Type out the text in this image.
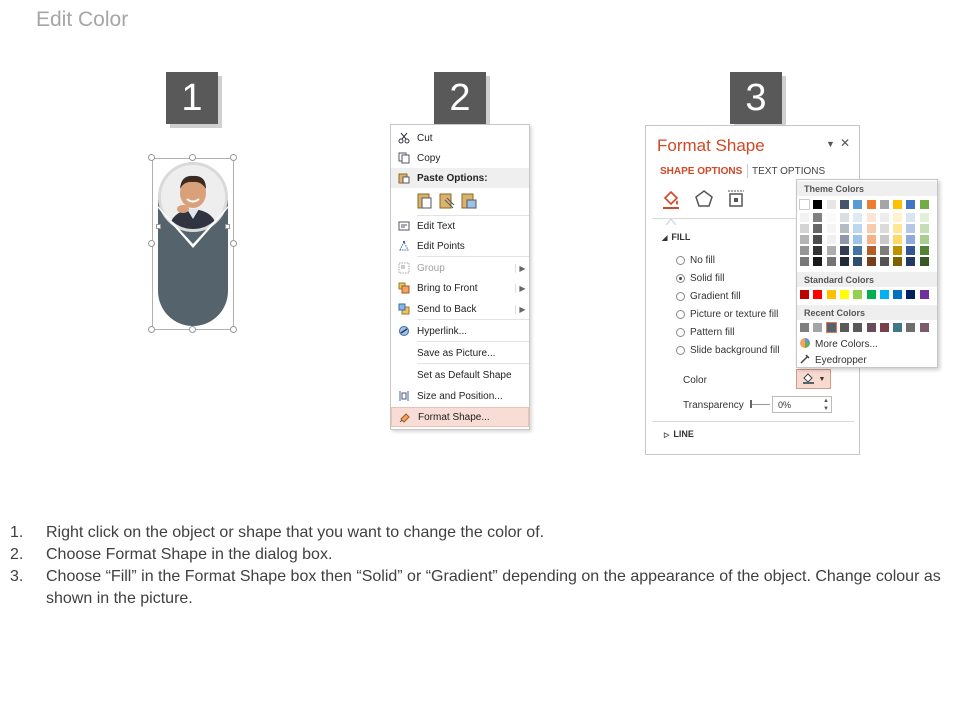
Edit Color
1	2	3
Cut
Copy
Paste Options:
Edit Text
Edit Points
Group	▶
Bring to Front	▶
Send to Back	▶
Hyperlink...
Save as Picture...
Set as Default Shape
Size and Position...
Format Shape...
Format Shape	▼ ✕
SHAPE OPTIONS TEXT OPTIONS
◢ FILL
No fill
Solid fill
Gradient fill
Picture or texture fill
Pattern fill
Slide background fill
Color
Transparency
▷ LINE
▼
0%	▲
▼
Theme Colors
Standard Colors
Recent Colors
More Colors...
Eyedropper
1.	Right click on the object or shape that you want to change the color of.
2.	Choose Format Shape in the dialog box.
3.	Choose “Fill” in the Format Shape box then “Solid” or “Gradient” depending on the appearance of the object. Change colour as shown in the picture.
